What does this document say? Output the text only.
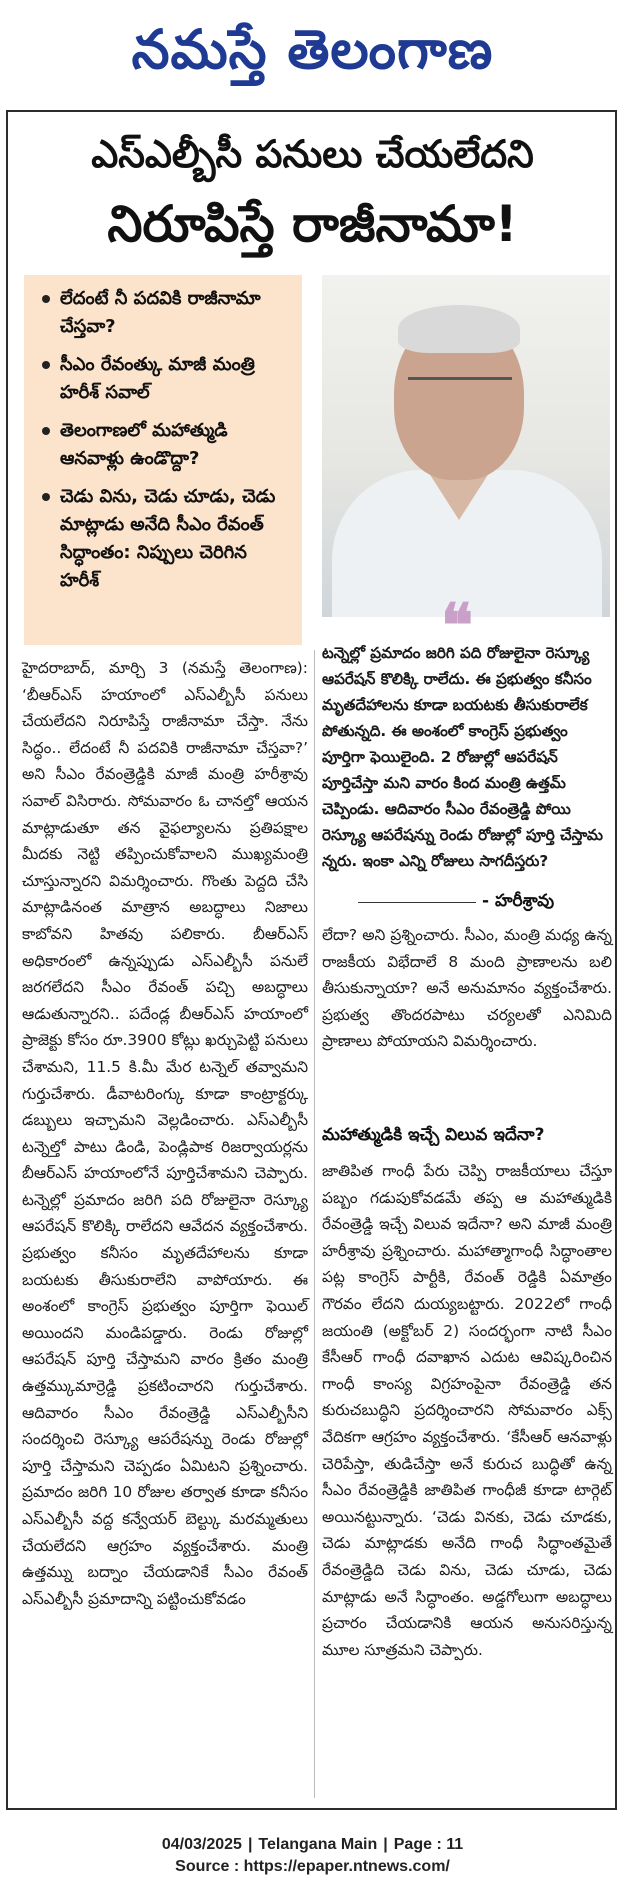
నమస్తే తెలంగాణ
ఎస్ఎల్బీసీ పనులు చేయలేదని
నిరూపిస్తే రాజీనామా!
లేదంటే నీ పదవికి రాజీనామా చేస్తవా?
సీఎం రేవంత్కు మాజీ మంత్రి హరీశ్ సవాల్
తెలంగాణలో మహాత్ముడి ఆనవాళ్లు ఉండొద్దా?
చెడు విను, చెడు చూడు, చెడు మాట్లాడు అనేది సీఎం రేవంత్ సిద్ధాంతం: నిప్పులు చెరిగిన హరీశ్
❝
టన్నెల్లో ప్రమాదం జరిగి పది రోజులైనా రెస్క్యూ ఆపరేషన్ కొలిక్కి రాలేదు. ఈ ప్రభుత్వం కనీసం మృతదేహాలను కూడా బయటకు తీసుకురాలేక పోతున్నది. ఈ అంశంలో కాంగ్రెస్ ప్రభుత్వం పూర్తిగా ఫెయిలైంది. 2 రోజుల్లో ఆపరేషన్ పూర్తిచేస్తా మని వారం కింద మంత్రి ఉత్తమ్ చెప్పిండు. ఆదివారం సీఎం రేవంత్రెడ్డి పోయి రెస్క్యూ ఆపరేషన్ను రెండు రోజుల్లో పూర్తి చేస్తామ న్నరు. ఇంకా ఎన్ని రోజులు సాగదీస్తరు?
- హరీశ్రావు
హైదరాబాద్, మార్చి 3 (నమస్తే తెలంగాణ): ‘బీఆర్ఎస్ హయాంలో ఎస్ఎల్బీసీ పనులు చేయలేదని నిరూపిస్తే రాజీనామా చేస్తా. నేను సిద్ధం.. లేదంటే నీ పదవికి రాజీనామా చేస్తవా?’ అని సీఎం రేవంత్రెడ్డికి మాజీ మంత్రి హరీశ్రావు సవాల్ విసిరారు. సోమవారం ఓ చానల్తో ఆయన మాట్లాడుతూ తన వైఫల్యాలను ప్రతిపక్షాల మీదకు నెట్టి తప్పించుకోవాలని ముఖ్యమంత్రి చూస్తున్నారని విమర్శించారు. గొంతు పెద్దది చేసి మాట్లాడినంత మాత్రాన అబద్ధాలు నిజాలు కాబోవని హితవు పలికారు. బీఆర్ఎస్ అధికారంలో ఉన్నప్పుడు ఎస్ఎల్బీసీ పనులే జరగలేదని సీఎం రేవంత్ పచ్చి అబద్ధాలు ఆడుతున్నారని.. పదేండ్ల బీఆర్ఎస్ హయాంలో ప్రాజెక్టు కోసం రూ.3900 కోట్లు ఖర్చుపెట్టి పనులు చేశామని, 11.5 కి.మీ మేర టన్నెల్ తవ్వామని గుర్తుచేశారు. డీవాటరింగ్కు కూడా కాంట్రాక్టర్కు డబ్బులు ఇచ్చామని వెల్లడించారు. ఎస్ఎల్బీసీ టన్నెల్తో పాటు డిండి, పెండ్లిపాక రిజర్వాయర్లను బీఆర్ఎస్ హయాంలోనే పూర్తిచేశామని చెప్పారు. టన్నెల్లో ప్రమాదం జరిగి పది రోజులైనా రెస్క్యూ ఆపరేషన్ కొలిక్కి రాలేదని ఆవేదన వ్యక్తంచేశారు. ప్రభుత్వం కనీసం మృతదేహాలను కూడా బయటకు తీసుకురాలేని వాపోయారు. ఈ అంశంలో కాంగ్రెస్ ప్రభుత్వం పూర్తిగా ఫెయిల్ అయిందని మండిపడ్డారు. రెండు రోజుల్లో ఆపరేషన్ పూర్తి చేస్తామని వారం క్రితం మంత్రి ఉత్తమ్కుమార్రెడ్డి ప్రకటించారని గుర్తుచేశారు. ఆదివారం సీఎం రేవంత్రెడ్డి ఎస్ఎల్బీసీని సందర్శించి రెస్క్యూ ఆపరేషన్ను రెండు రోజుల్లో పూర్తి చేస్తామని చెప్పడం ఏమిటని ప్రశ్నించారు. ప్రమాదం జరిగి 10 రోజుల తర్వాత కూడా కనీసం ఎస్ఎల్బీసీ వద్ద కన్వేయర్ బెల్ట్కు మరమ్మతులు చేయలేదని ఆగ్రహం వ్యక్తంచేశారు. మంత్రి ఉత్తమ్ను బద్నాం చేయడానికే సీఎం రేవంత్ ఎస్ఎల్బీసీ ప్రమాదాన్ని పట్టించుకోవడం
లేదా? అని ప్రశ్నించారు. సీఎం, మంత్రి మధ్య ఉన్న రాజకీయ విభేదాలే 8 మంది ప్రాణాలను బలి తీసుకున్నాయా? అనే అనుమానం వ్యక్తంచేశారు. ప్రభుత్వ తొందరపాటు చర్యలతో ఎనిమిది ప్రాణాలు పోయాయని విమర్శించారు.
మహాత్ముడికి ఇచ్చే విలువ ఇదేనా?
జాతిపిత గాంధీ పేరు చెప్పి రాజకీయాలు చేస్తూ పబ్బం గడుపుకోవడమే తప్ప ఆ మహాత్ముడికి రేవంత్రెడ్డి ఇచ్చే విలువ ఇదేనా? అని మాజీ మంత్రి హరీశ్రావు ప్రశ్నించారు. మహాత్మాగాంధీ సిద్ధాంతాల పట్ల కాంగ్రెస్ పార్టీకి, రేవంత్ రెడ్డికి ఏమాత్రం గౌరవం లేదని దుయ్యబట్టారు. 2022లో గాంధీ జయంతి (అక్టోబర్ 2) సందర్భంగా నాటి సీఎం కేసీఆర్ గాంధీ దవాఖాన ఎదుట ఆవిష్కరించిన గాంధీ కాంస్య విగ్రహంపైనా రేవంత్రెడ్డి తన కురుచబుద్ధిని ప్రదర్శించారని సోమవారం ఎక్స్ వేదికగా ఆగ్రహం వ్యక్తంచేశారు. ‘కేసీఆర్ ఆనవాళ్లు చెరిపేస్తా, తుడిచేస్తా అనే కురుచ బుద్ధితో ఉన్న సీఎం రేవంత్రెడ్డికి జాతిపిత గాంధీజీ కూడా టార్గెట్ అయినట్టున్నారు. ‘చెడు వినకు, చెడు చూడకు, చెడు మాట్లాడకు అనేది గాంధీ సిద్ధాంతమైతే రేవంత్రెడ్డిది చెడు విను, చెడు చూడు, చెడు మాట్లాడు అనే సిద్ధాంతం. అడ్డగోలుగా అబద్ధాలు ప్రచారం చేయడానికి ఆయన అనుసరిస్తున్న మూల సూత్రమని చెప్పారు.
04/03/2025 | Telangana Main | Page : 11
Source : https://epaper.ntnews.com/
